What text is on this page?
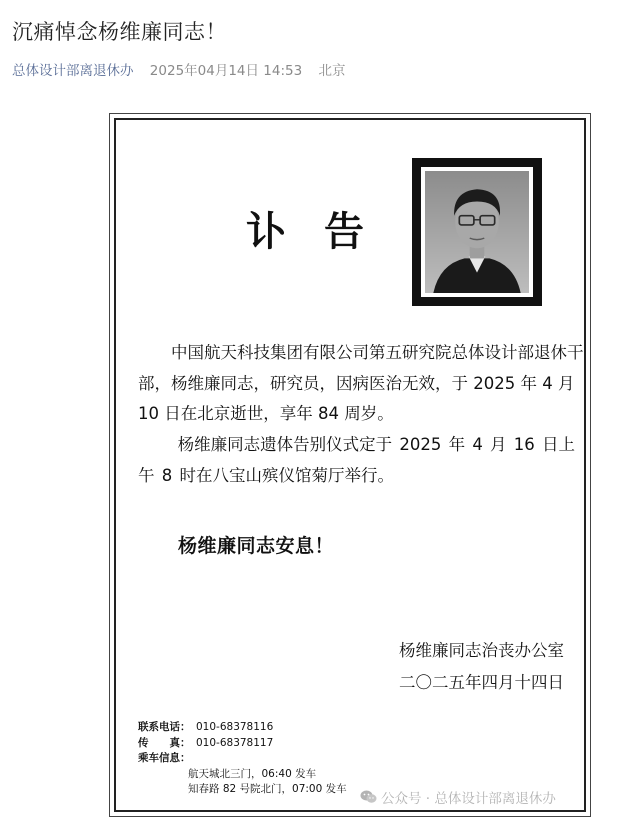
沉痛悼念杨维廉同志！
总体设计部离退休办 2025年04月14日 14:53 北京
讣告
中国航天科技集团有限公司第五研究院总体设计部退休干部，杨维廉同志，研究员，因病医治无效，于 2025 年 4 月 10 日在北京逝世，享年 84 周岁。
杨维廉同志遗体告别仪式定于 2025 年 4 月 16 日上午 8 时在八宝山殡仪馆菊厅举行。
杨维廉同志安息！
杨维廉同志治丧办公室
二〇二五年四月十四日
联系电话： 010-68378116
传　　真： 010-68378117
乘车信息：
航天城北三门，06:40 发车
知春路 82 号院北门，07:00 发车
公众号 · 总体设计部离退休办
